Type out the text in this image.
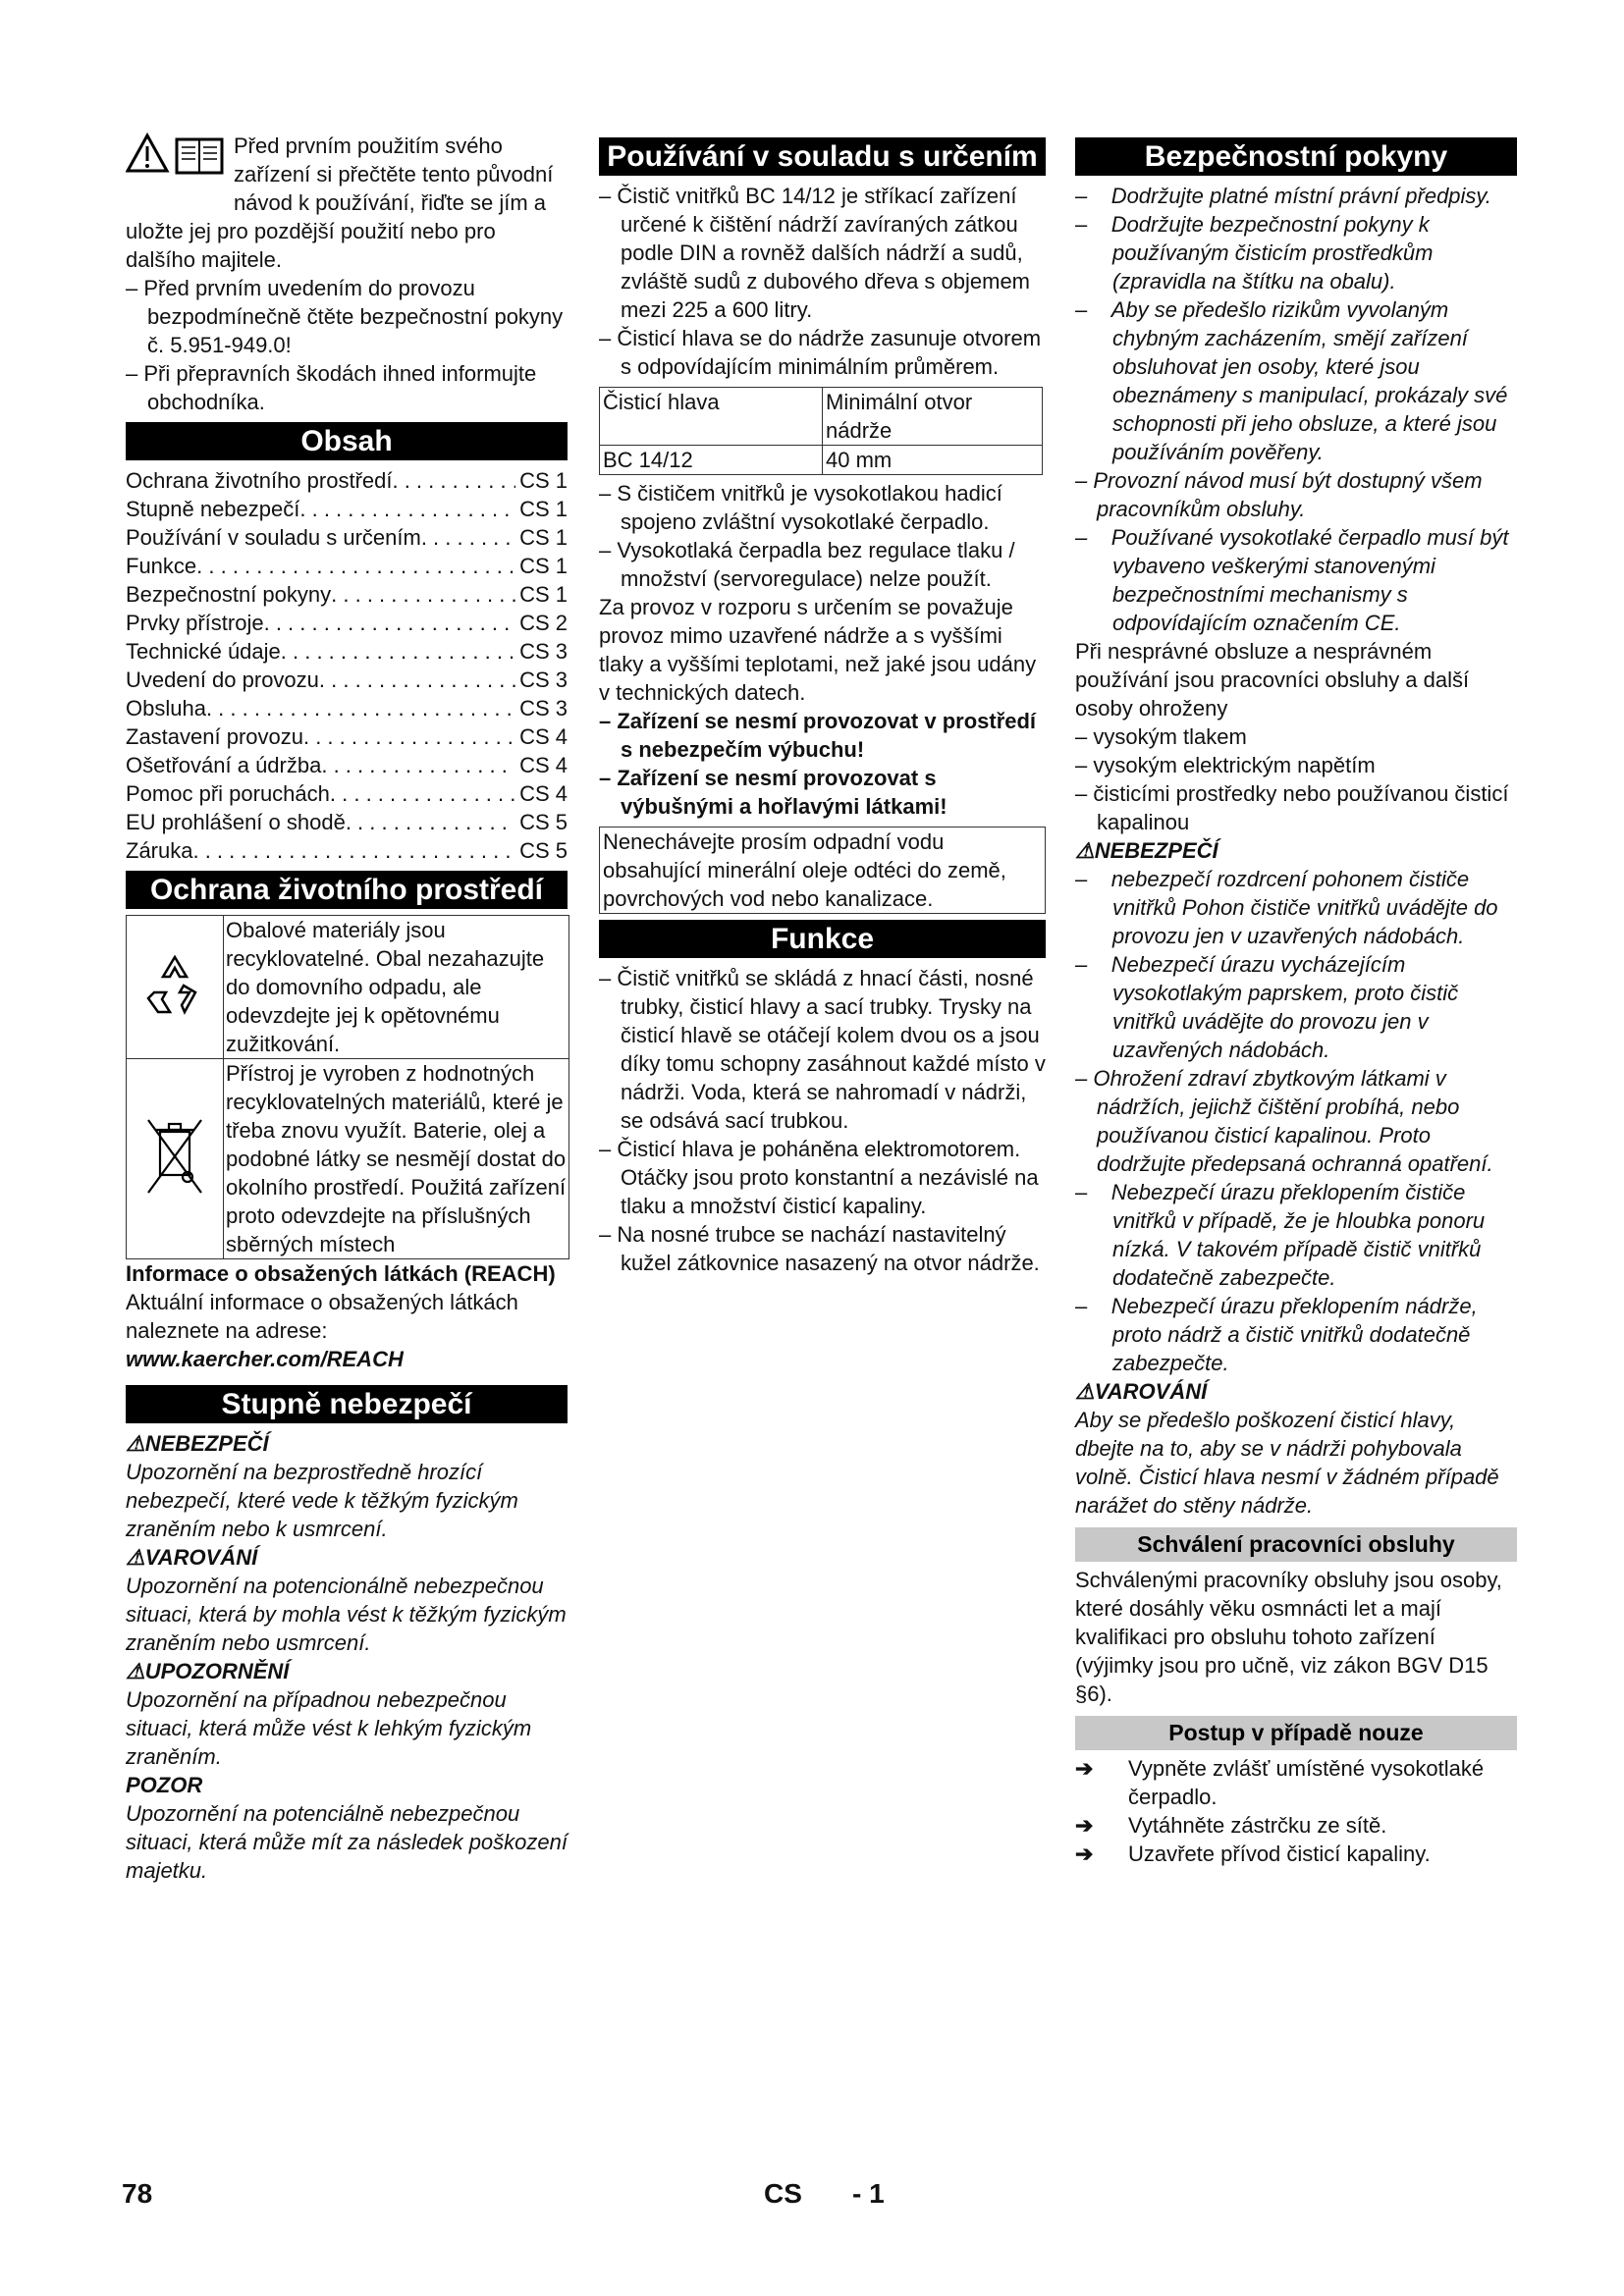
Před prvním použitím svého zařízení si přečtěte tento původní návod k používání, řiďte se jím a uložte jej pro pozdější použití nebo pro dalšího majitele.

– Před prvním uvedením do provozu bezpodmínečně čtěte bezpečnostní pokyny č. 5.951-949.0!

– Při přepravních škodách ihned informujte obchodníka.

Obsah
Ochrana životního prostředí . . .	CS 1
Stupně nebezpečí . . .	CS 1
Používání v souladu s určením . . .	CS 1
Funkce . . .	CS 1
Bezpečnostní pokyny . . .	CS 1
Prvky přístroje . . .	CS 2
Technické údaje . . .	CS 3
Uvedení do provozu . . .	CS 3
Obsluha . . .	CS 3
Zastavení provozu . . .	CS 4
Ošetřování a údržba . . .	CS 4
Pomoc při poruchách . . .	CS 4
EU prohlášení o shodě . . .	CS 5
Záruka . . .	CS 5
Ochrana životního prostředí
	Obalové materiály jsou recyklovatelné. Obal nezahazujte do domovního odpadu, ale odevzdejte jej k opětovnému zužitkování.
	Přístroj je vyroben z hodnotných recyklovatelných materiálů, které je třeba znovu využít. Baterie, olej a podobné látky se nesmějí dostat do okolního prostředí. Použitá zařízení proto odevzdejte na příslušných sběrných místech

Informace o obsažených látkách (REACH)

Aktuální informace o obsažených látkách naleznete na adrese:

www.kaercher.com/REACH

Stupně nebezpečí

⚠NEBEZPEČÍ

Upozornění na bezprostředně hrozící nebezpečí, které vede k těžkým fyzickým zraněním nebo k usmrcení.

⚠VAROVÁNÍ

Upozornění na potencionálně nebezpečnou situaci, která by mohla vést k těžkým fyzickým zraněním nebo usmrcení.

⚠UPOZORNĚNÍ

Upozornění na případnou nebezpečnou situaci, která může vést k lehkým fyzickým zraněním.

POZOR

Upozornění na potenciálně nebezpečnou situaci, která může mít za následek poškození majetku.

Používání v souladu s určením

– Čistič vnitřků BC 14/12 je stříkací zařízení určené k čištění nádrží zavíraných zátkou podle DIN a rovněž dalších nádrží a sudů, zvláště sudů z dubového dřeva s objemem mezi 225 a 600 litry.

– Čisticí hlava se do nádrže zasunuje otvorem s odpovídajícím minimálním průměrem.

Čisticí hlava	Minimální otvor nádrže
BC 14/12	40 mm

– S čističem vnitřků je vysokotlakou hadicí spojeno zvláštní vysokotlaké čerpadlo.

– Vysokotlaká čerpadla bez regulace tlaku / množství (servoregulace) nelze použít.

Za provoz v rozporu s určením se považuje provoz mimo uzavřené nádrže a s vyššími tlaky a vyššími teplotami, než jaké jsou udány v technických datech.

– Zařízení se nesmí provozovat v prostředí s nebezpečím výbuchu!

– Zařízení se nesmí provozovat s výbušnými a hořlavými látkami!

Nenechávejte prosím odpadní vodu obsahující minerální oleje odtéci do země, povrchových vod nebo kanalizace.
Funkce

– Čistič vnitřků se skládá z hnací části, nosné trubky, čisticí hlavy a sací trubky. Trysky na čisticí hlavě se otáčejí kolem dvou os a jsou díky tomu schopny zasáhnout každé místo v nádrži. Voda, která se nahromadí v nádrži, se odsává sací trubkou.

– Čisticí hlava je poháněna elektromotorem. Otáčky jsou proto konstantní a nezávislé na tlaku a množství čisticí kapaliny.

– Na nosné trubce se nachází nastavitelný kužel zátkovnice nasazený na otvor nádrže.

Bezpečnostní pokyny

–    Dodržujte platné místní právní předpisy.

–    Dodržujte bezpečnostní pokyny k používaným čisticím prostředkům (zpravidla na štítku na obalu).

–    Aby se předešlo rizikům vyvolaným chybným zacházením, smějí zařízení obsluhovat jen osoby, které jsou obeznámeny s manipulací, prokázaly své schopnosti při jeho obsluze, a které jsou používáním pověřeny.

– Provozní návod musí být dostupný všem pracovníkům obsluhy.

–    Používané vysokotlaké čerpadlo musí být vybaveno veškerými stanovenými bezpečnostními mechanismy s odpovídajícím označením CE.

Při nesprávné obsluze a nesprávném používání jsou pracovníci obsluhy a další osoby ohroženy

– vysokým tlakem

– vysokým elektrickým napětím

– čisticími prostředky nebo používanou čisticí kapalinou

⚠NEBEZPEČÍ

–    nebezpečí rozdrcení pohonem čističe vnitřků Pohon čističe vnitřků uvádějte do provozu jen v uzavřených nádobách.

–    Nebezpečí úrazu vycházejícím vysokotlakým paprskem, proto čistič vnitřků uvádějte do provozu jen v uzavřených nádobách.

– Ohrožení zdraví zbytkovým látkami v nádržích, jejichž čištění probíhá, nebo používanou čisticí kapalinou. Proto dodržujte předepsaná ochranná opatření.

–    Nebezpečí úrazu překlopením čističe vnitřků v případě, že je hloubka ponoru nízká. V takovém případě čistič vnitřků dodatečně zabezpečte.

–    Nebezpečí úrazu překlopením nádrže, proto nádrž a čistič vnitřků dodatečně zabezpečte.

⚠VAROVÁNÍ

Aby se předešlo poškození čisticí hlavy, dbejte na to, aby se v nádrži pohybovala volně. Čisticí hlava nesmí v žádném případě narážet do stěny nádrže.

Schválení pracovníci obsluhy

Schválenými pracovníky obsluhy jsou osoby, které dosáhly věku osmnácti let a mají kvalifikaci pro obsluhu tohoto zařízení (výjimky jsou pro učně, viz zákon BGV D15 §6).

Postup v případě nouze

➔ Vypněte zvlášť umístěné vysokotlaké čerpadlo.

➔ Vytáhněte zástrčku ze sítě.

➔ Uzavřete přívod čisticí kapaliny.

78	CS - 1
